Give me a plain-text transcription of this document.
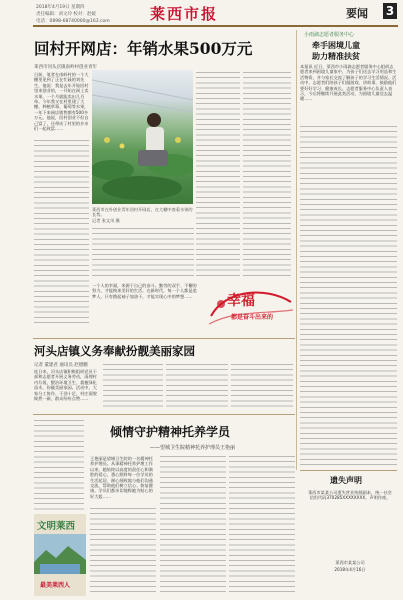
2018年4月19日 星期四
责任编辑：刘文玲 校对：赵媛
电话：0898-68740000@163.com	莱西市报	要闻 3
回村开网店：年销水果500万元
莱西市河头店镇南岭村创业青年
日前，笔者在南岭村的一个大棚里见到了正在忙碌的刘先生，他说：我是去年开始回村里来创业的，一开始在网上卖水果，一个月就能卖出几百单。今年我又在村里建了大棚，种植草莓、葡萄等水果，一年下来网店销售额有500多万元。他说，回村创业不但自己富了，还带动了村里的乡亲们一起致富……
莱西市在外创业青年回村开网店，在大棚中查看水果的长势。
记者 张文凤 摄
幸福
都是奋斗出来的
一个人的幸福，来源于自己的奋斗。勤劳的双手、不懈的努力，才能换来美好的生活。在新时代，每一个人都是追梦人，只有撸起袖子加油干，才能实现心中的梦想……
小雨滴志愿者服务中心
牵手困境儿童
助力精准扶贫
本报讯 近日，莱西市小雨滴志愿者服务中心组织志愿者来到困境儿童家中，为孩子们送去学习用品和生活物资，并与家长交流了解孩子的学习生活情况。活动中，志愿者们陪孩子们做游戏、讲故事，鼓励他们要好好学习、健康成长。志愿者服务中心负责人表示，今后将继续开展此类活动，为困境儿童送去温暖……
河头店镇义务奉献扮靓美丽家园
记者 董建君 通讯员 赵德鹏
连日来，河头店镇积极组织党员干部和志愿者开展义务劳动，清理村内垃圾、整治环境卫生、栽植绿化苗木，扮靓美丽家园。活动中，大家分工协作、干劲十足，村庄面貌焕然一新，群众纷纷点赞……
倾情守护精神托养学员
——望城卫生院精神托养护理员王艳丽
王艳丽是望城卫生院的一名精神托养护理员。从事精神托养护理工作以来，她始终以高度的责任心和满腔的爱心，悉心照料每一位学员的生活起居，耐心细致地与他们沟通交流，帮助他们树立信心、恢复健康。学员们都亲切地称她为贴心的好大姐……
文明莱西
最美莱西人
遗失声明
莱西市某某公司遗失营业执照副本，统一社会信用代码370285XXXXXXXX，声明作废。
莱西市某某公司
2018年4月16日
